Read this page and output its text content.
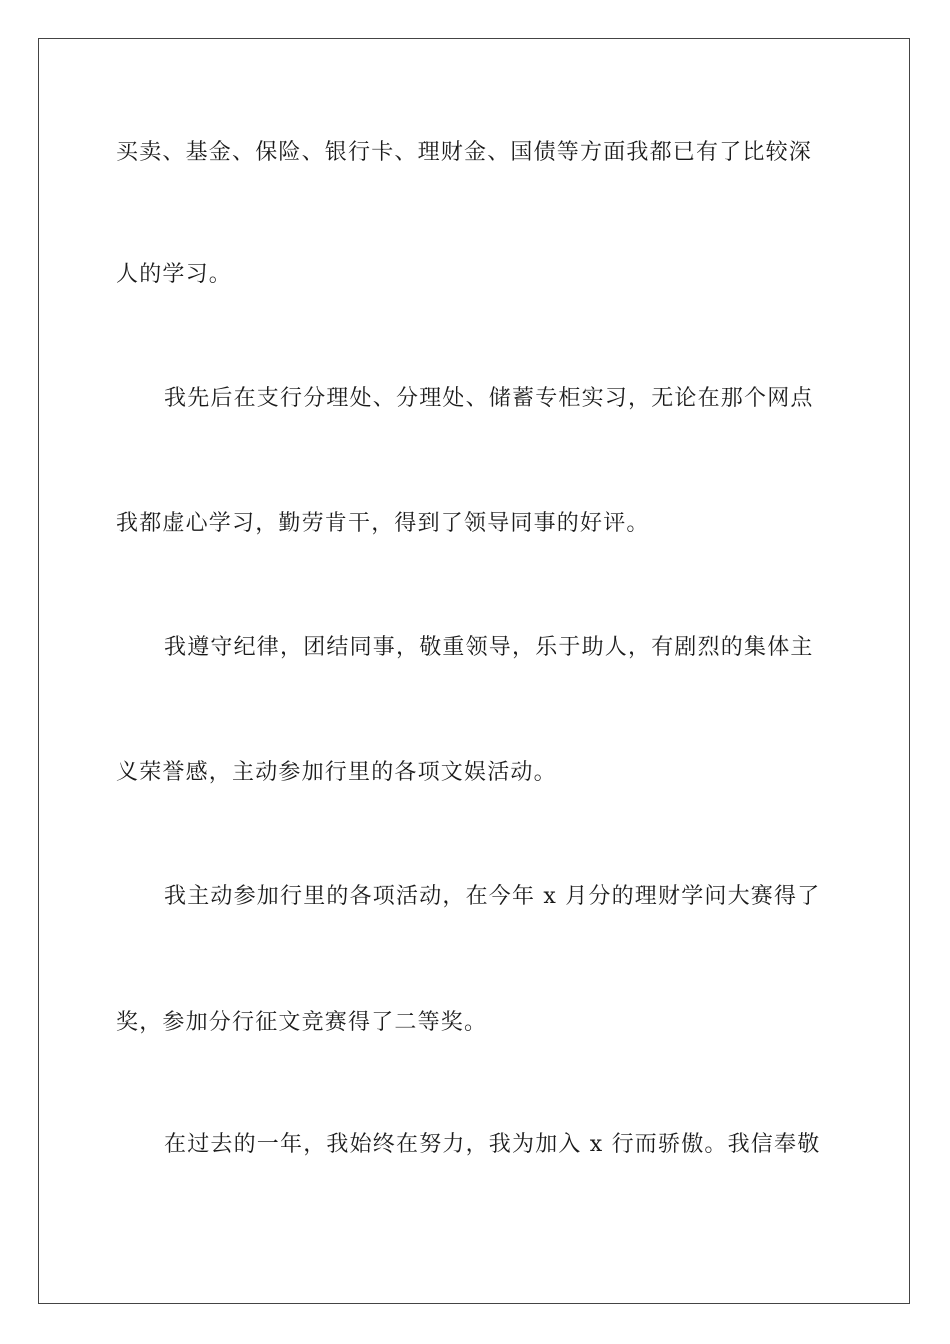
买卖、基金、保险、银行卡、理财金、国债等方面我都已有了比较深
人的学习。
我先后在支行分理处、分理处、储蓄专柜实习，无论在那个网点
我都虚心学习，勤劳肯干，得到了领导同事的好评。
我遵守纪律，团结同事，敬重领导，乐于助人，有剧烈的集体主
义荣誉感，主动参加行里的各项文娱活动。
我主动参加行里的各项活动，在今年 x 月分的理财学问大赛得了
奖，参加分行征文竞赛得了二等奖。
在过去的一年，我始终在努力，我为加入 x 行而骄傲。我信奉敬
